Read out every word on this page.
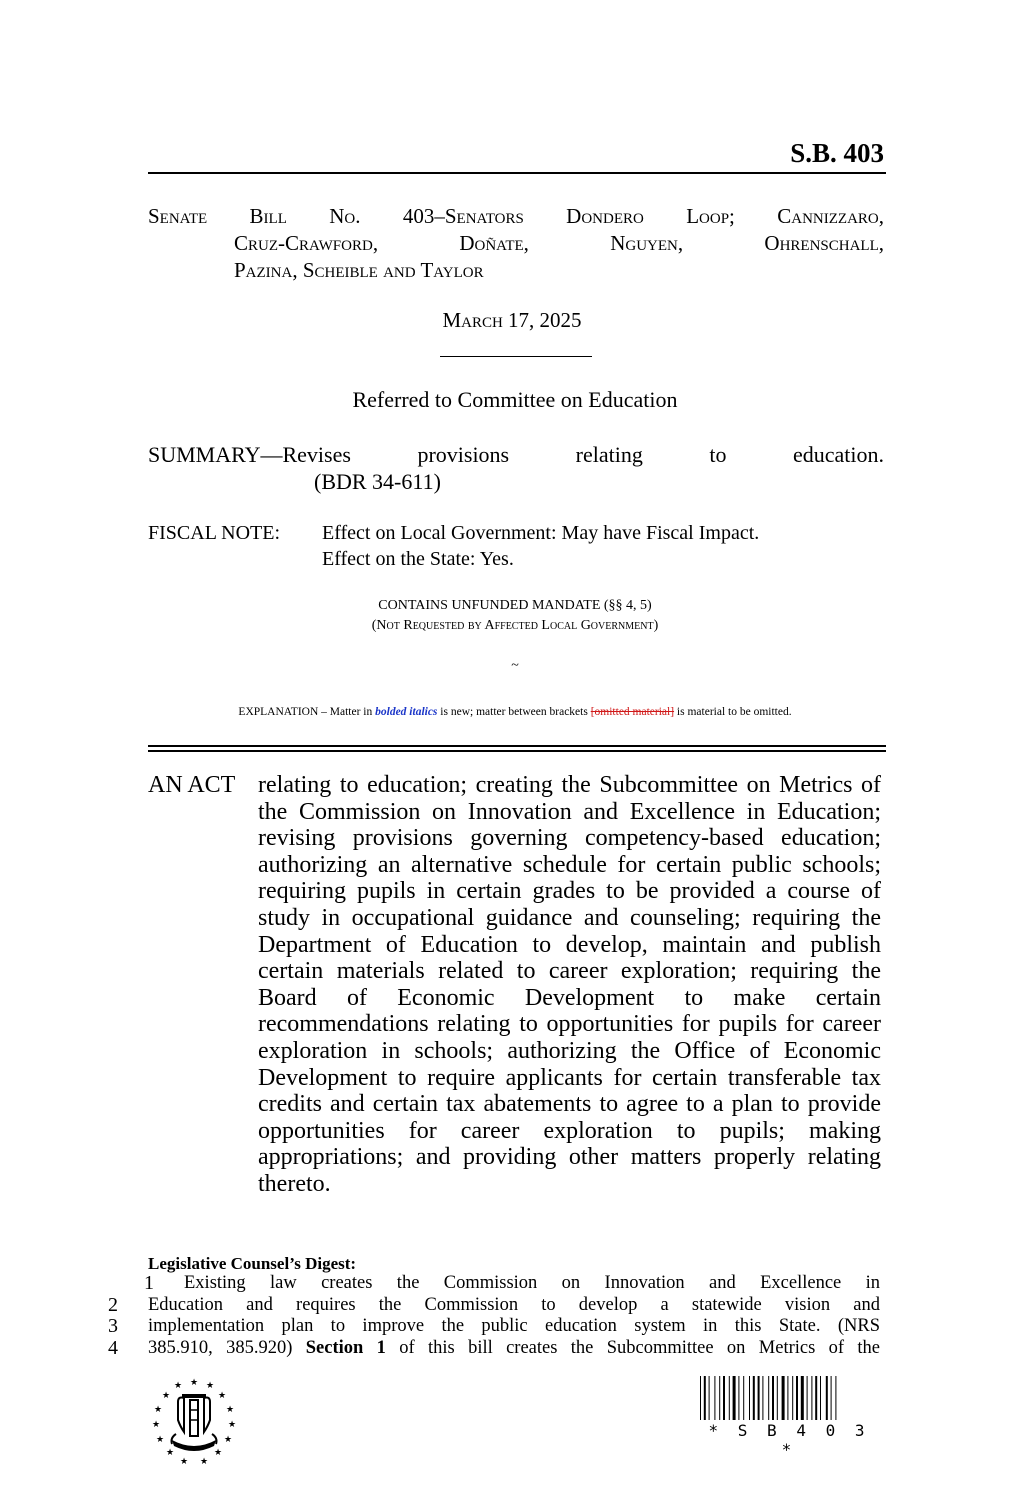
S.B. 403
Senate Bill No. 403–Senators Dondero Loop; Cannizzaro,
Cruz-Crawford, Doñate, Nguyen, Ohrenschall,
Pazina, Scheible and Taylor
March 17, 2025
Referred to Committee on Education
SUMMARY—Revises provisions relating to education.
(BDR 34-611)
FISCAL NOTE: Effect on Local Government: May have Fiscal Impact.
Effect on the State: Yes.
CONTAINS UNFUNDED MANDATE (§§ 4, 5)
(Not Requested by Affected Local Government)
~
EXPLANATION – Matter in bolded italics is new; matter between brackets [omitted material] is material to be omitted.
AN ACT relating to education; creating the Subcommittee on Metrics of the Commission on Innovation and Excellence in Education; revising provisions governing competency-based education; authorizing an alternative schedule for certain public schools; requiring pupils in certain grades to be provided a course of study in occupational guidance and counseling; requiring the Department of Education to develop, maintain and publish certain materials related to career exploration; requiring the Board of Economic Development to make certain recommendations relating to opportunities for pupils for career exploration in schools; authorizing the Office of Economic Development to require applicants for certain transferable tax credits and certain tax abatements to agree to a plan to provide opportunities for career exploration to pupils; making appropriations; and providing other matters properly relating thereto.
Legislative Counsel’s Digest:
1 Existing law creates the Commission on Innovation and Excellence in
2	Education and requires the Commission to develop a statewide vision and
3	implementation plan to improve the public education system in this State. (NRS
4	385.910, 385.920) Section 1 of this bill creates the Subcommittee on Metrics of the
★
★	★
★	★
★	★
★	★
★	★
★	★
★ ★
* S B 4 0 3 *
